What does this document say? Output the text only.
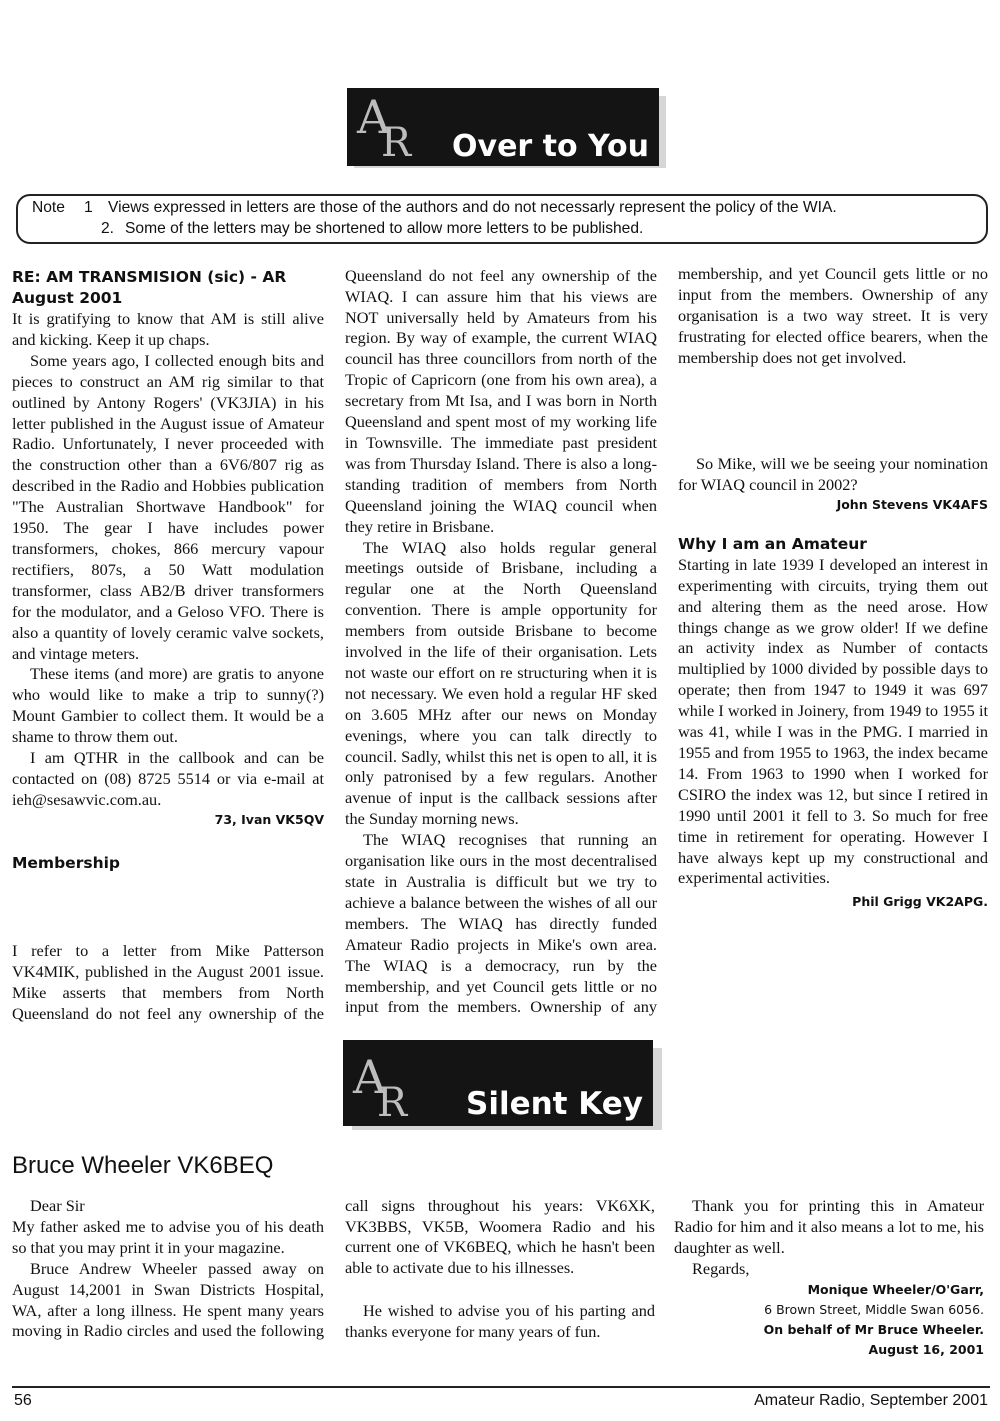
A
R Over to You
Note 1 Views expressed in letters are those of the authors and do not necessarly represent the policy of the WIA.
2. Some of the letters may be shortened to allow more letters to be published.
RE: AM TRANSMISION (sic) - AR August 2001

It is gratifying to know that AM is still alive and kicking. Keep it up chaps.

Some years ago, I collected enough bits and pieces to construct an AM rig similar to that outlined by Antony Rogers' (VK3JIA) in his letter published in the August issue of Amateur Radio. Unfortunately, I never proceeded with the construction other than a 6V6/807 rig as described in the Radio and Hobbies publication "The Australian Shortwave Handbook" for 1950. The gear I have includes power transformers, chokes, 866 mercury vapour rectifiers, 807s, a 50 Watt modulation transformer, class AB2/B driver transformers for the modulator, and a Geloso VFO. There is also a quantity of lovely ceramic valve sockets, and vintage meters.

These items (and more) are gratis to anyone who would like to make a trip to sunny(?) Mount Gambier to collect them. It would be a shame to throw them out.

I am QTHR in the callbook and can be contacted on (08) 8725 5514 or via e-mail at ieh@sesawvic.com.au.

73, Ivan VK5QV

Membership

I refer to a letter from Mike Patterson VK4MIK, published in the August 2001 issue. Mike asserts that members from North Queensland do not feel any ownership of the

Queensland do not feel any ownership of the WIAQ. I can assure him that his views are NOT universally held by Amateurs from his region. By way of example, the current WIAQ council has three councillors from north of the Tropic of Capricorn (one from his own area), a secretary from Mt Isa, and I was born in North Queensland and spent most of my working life in Townsville. The immediate past president was from Thursday Island. There is also a long-standing tradition of members from North Queensland joining the WIAQ council when they retire in Brisbane.

The WIAQ also holds regular general meetings outside of Brisbane, including a regular one at the North Queensland convention. There is ample opportunity for members from outside Brisbane to become involved in the life of their organisation. Lets not waste our effort on re structuring when it is not necessary. We even hold a regular HF sked on 3.605 MHz after our news on Monday evenings, where you can talk directly to council. Sadly, whilst this net is open to all, it is only patronised by a few regulars. Another avenue of input is the callback sessions after the Sunday morning news.

The WIAQ recognises that running an organisation like ours in the most decentralised state in Australia is difficult but we try to achieve a balance between the wishes of all our members. The WIAQ has directly funded Amateur Radio projects in Mike's own area. The WIAQ is a democracy, run by the membership, and yet Council gets little or no input from the members. Ownership of any

membership, and yet Council gets little or no input from the members. Ownership of any organisation is a two way street. It is very frustrating for elected office bearers, when the membership does not get involved.

So Mike, will we be seeing your nomination for WIAQ council in 2002?

John Stevens VK4AFS

Why I am an Amateur

Starting in late 1939 I developed an interest in experimenting with circuits, trying them out and altering them as the need arose. How things change as we grow older! If we define an activity index as Number of contacts multiplied by 1000 divided by possible days to operate; then from 1947 to 1949 it was 697 while I worked in Joinery, from 1949 to 1955 it was 41, while I was in the PMG. I married in 1955 and from 1955 to 1963, the index became 14. From 1963 to 1990 when I worked for CSIRO the index was 12, but since I retired in 1990 until 2001 it fell to 3. So much for free time in retirement for operating. However I have always kept up my constructional and experimental activities.

Phil Grigg VK2APG.

A
R Silent Key
Bruce Wheeler VK6BEQ

Dear Sir

My father asked me to advise you of his death so that you may print it in your magazine.

Bruce Andrew Wheeler passed away on August 14,2001 in Swan Districts Hospital, WA, after a long illness. He spent many years moving in Radio circles and used the following

call signs throughout his years: VK6XK, VK3BBS, VK5B, Woomera Radio and his current one of VK6BEQ, which he hasn't been able to activate due to his illnesses.

He wished to advise you of his parting and thanks everyone for many years of fun.

Thank you for printing this in Amateur Radio for him and it also means a lot to me, his daughter as well.

Regards,

Monique Wheeler/O'Garr,

6 Brown Street, Middle Swan 6056.

On behalf of Mr Bruce Wheeler.

August 16, 2001

56	Amateur Radio, September 2001
